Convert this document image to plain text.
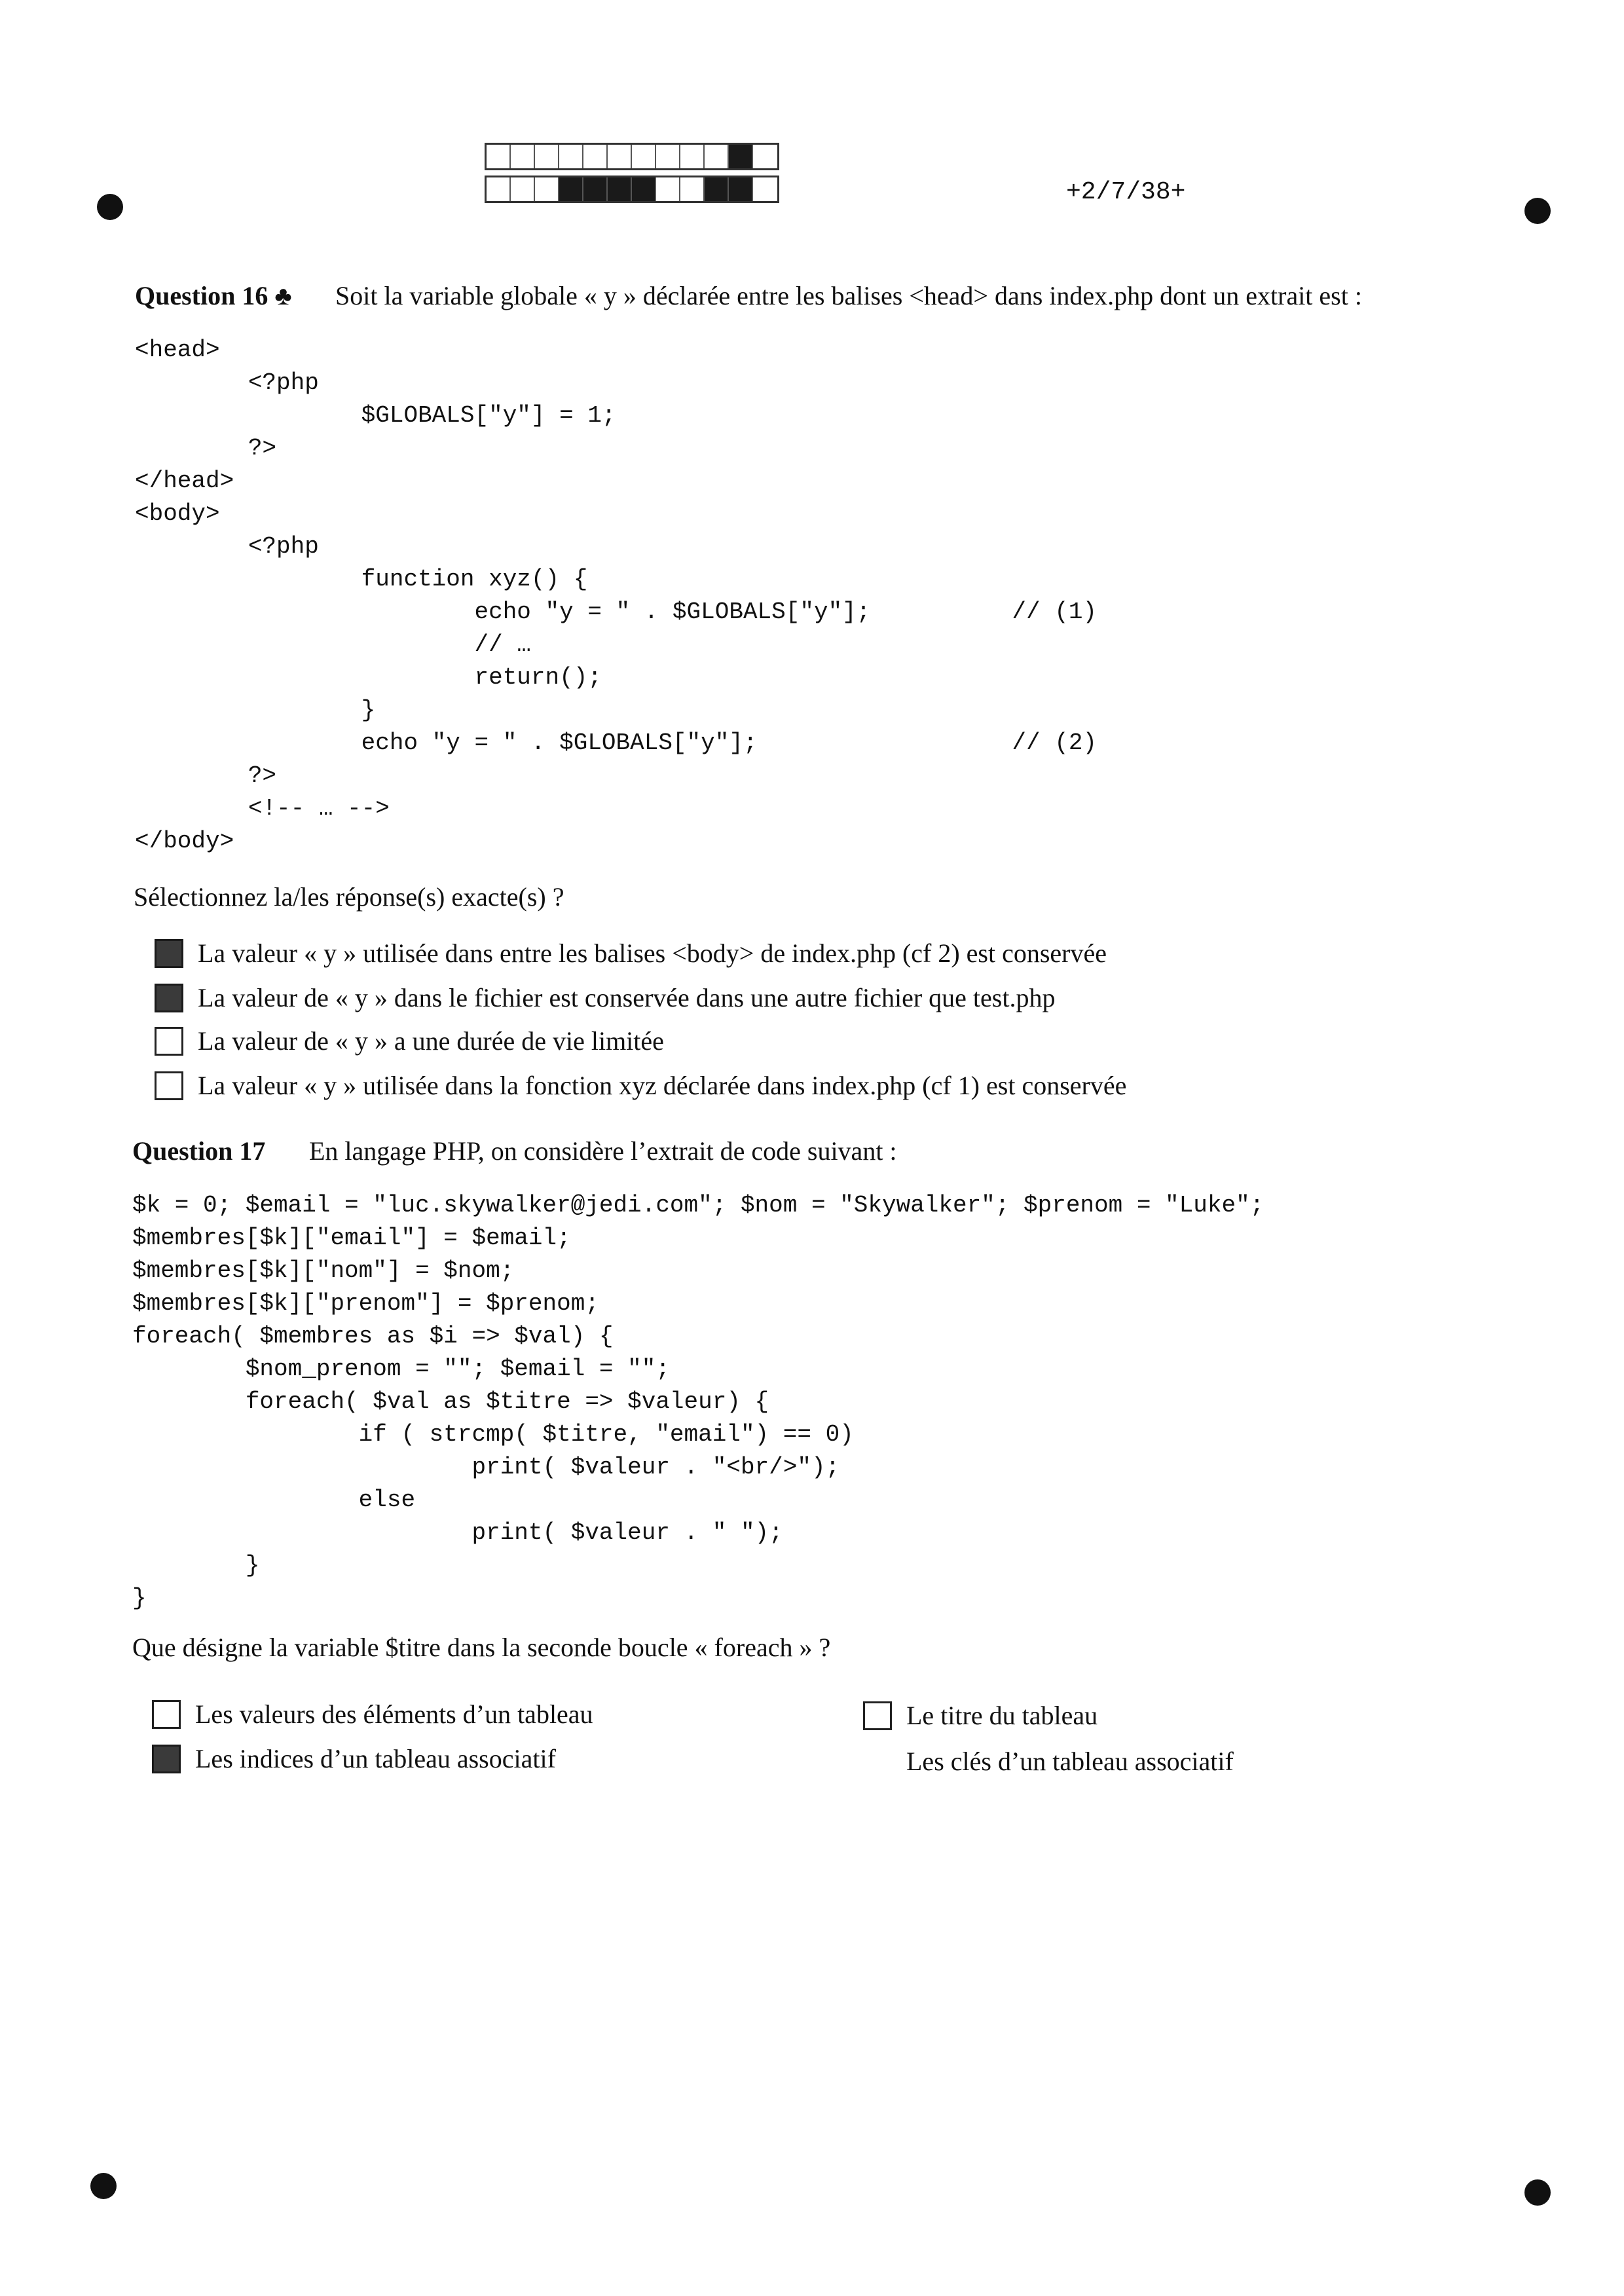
+2/7/38+
Question 16 ♣ Soit la variable globale « y » déclarée entre les balises <head> dans index.php dont un extrait est :
<head>
<?php
$GLOBALS["y"] = 1;
?>
</head>
<body>
<?php
function xyz() {
echo "y = " . $GLOBALS["y"];          // (1)
// …
return();
}
echo "y = " . $GLOBALS["y"];                  // (2)
?>
<!-- … -->
</body>
Sélectionnez la/les réponse(s) exacte(s) ?
La valeur « y » utilisée dans entre les balises <body> de index.php (cf 2) est conservée
La valeur de « y » dans le fichier est conservée dans une autre fichier que test.php
La valeur de « y » a une durée de vie limitée
La valeur « y » utilisée dans la fonction xyz déclarée dans index.php (cf 1) est conservée
Question 17 En langage PHP, on considère l’extrait de code suivant :
$k = 0; $email = "luc.skywalker@jedi.com"; $nom = "Skywalker"; $prenom = "Luke";
$membres[$k]["email"] = $email;
$membres[$k]["nom"] = $nom;
$membres[$k]["prenom"] = $prenom;
foreach( $membres as $i => $val) {
$nom_prenom = ""; $email = "";
foreach( $val as $titre => $valeur) {
if ( strcmp( $titre, "email") == 0)
print( $valeur . "<br/>");
else
print( $valeur . " ");
}
}
Que désigne la variable $titre dans la seconde boucle « foreach » ?
Les valeurs des éléments d’un tableau	Le titre du tableau
Les indices d’un tableau associatif	Les clés d’un tableau associatif
